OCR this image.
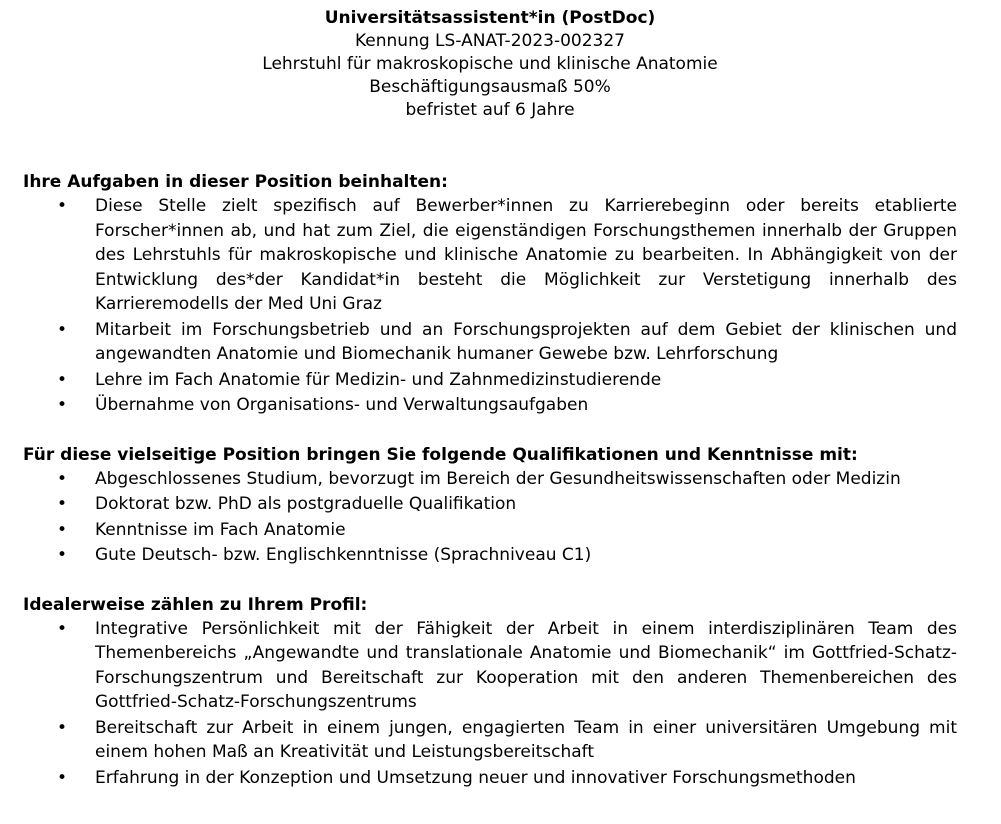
Universitätsassistent*in (PostDoc)
Kennung LS-ANAT-2023-002327
Lehrstuhl für makroskopische und klinische Anatomie
Beschäftigungsausmaß 50%
befristet auf 6 Jahre
Ihre Aufgaben in dieser Position beinhalten:
• Diese Stelle zielt spezifisch auf Bewerber*innen zu Karrierebeginn oder bereits etablierte Forscher*innen ab, und hat zum Ziel, die eigenständigen Forschungsthemen innerhalb der Gruppen des Lehrstuhls für makroskopische und klinische Anatomie zu bearbeiten. In Abhängigkeit von der Entwicklung des*der Kandidat*in besteht die Möglichkeit zur Verstetigung innerhalb des Karrieremodells der Med Uni Graz
• Mitarbeit im Forschungsbetrieb und an Forschungsprojekten auf dem Gebiet der klinischen und angewandten Anatomie und Biomechanik humaner Gewebe bzw. Lehrforschung
• Lehre im Fach Anatomie für Medizin- und Zahnmedizinstudierende
• Übernahme von Organisations- und Verwaltungsaufgaben
Für diese vielseitige Position bringen Sie folgende Qualifikationen und Kenntnisse mit:
• Abgeschlossenes Studium, bevorzugt im Bereich der Gesundheitswissenschaften oder Medizin
• Doktorat bzw. PhD als postgraduelle Qualifikation
• Kenntnisse im Fach Anatomie
• Gute Deutsch- bzw. Englischkenntnisse (Sprachniveau C1)
Idealerweise zählen zu Ihrem Profil:
• Integrative Persönlichkeit mit der Fähigkeit der Arbeit in einem interdisziplinären Team des Themenbereichs „Angewandte und translationale Anatomie und Biomechanik“ im Gottfried-Schatz-Forschungszentrum und Bereitschaft zur Kooperation mit den anderen Themenbereichen des Gottfried-Schatz-Forschungszentrums
• Bereitschaft zur Arbeit in einem jungen, engagierten Team in einer universitären Umgebung mit einem hohen Maß an Kreativität und Leistungsbereitschaft
• Erfahrung in der Konzeption und Umsetzung neuer und innovativer Forschungsmethoden
